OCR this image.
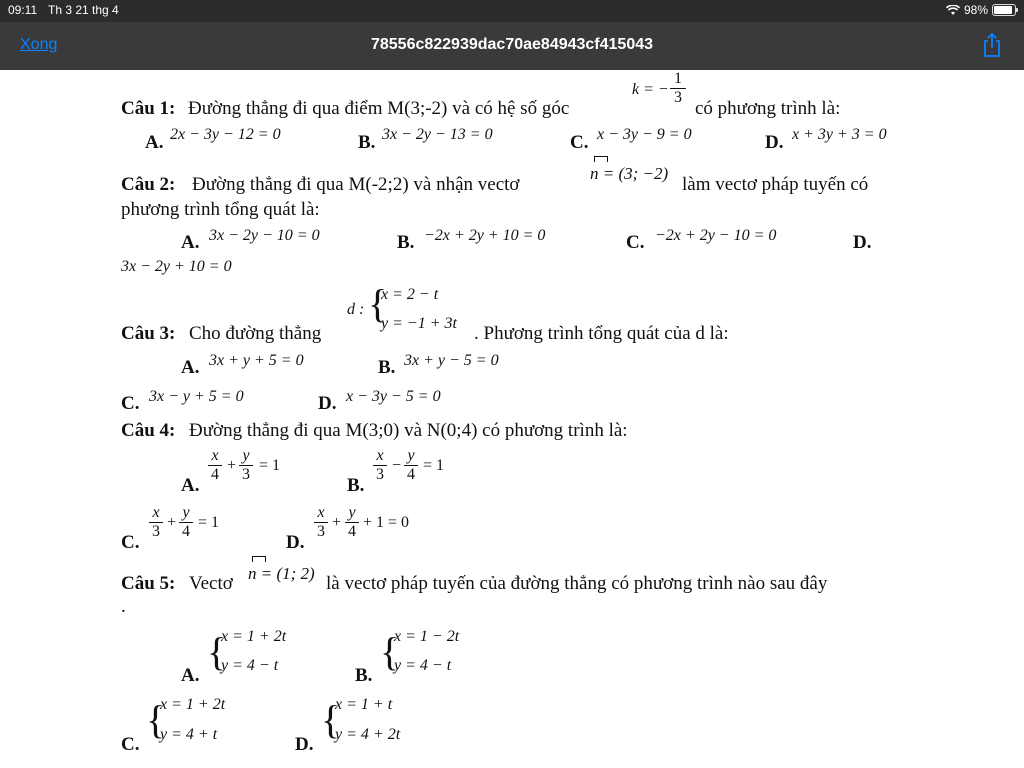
09:11 Th 3 21 thg 4	98%
Xong	78556c822939dac70ae84943cf415043
Câu 1: Đường thẳng đi qua điểm M(3;-2) và có hệ số góc
k = − $\frac{1}{3}$
có phương trình là:
A. 2x − 3y − 12 = 0	B. 3x − 2y − 13 = 0	C. x − 3y − 9 = 0	D. x + 3y + 3 = 0
Câu 2: Đường thẳng đi qua M(-2;2) và nhận vectơ
n = (3; −2)
làm vectơ pháp tuyến có
phương trình tổng quát là:
A. 3x − 2y − 10 = 0	B. −2x + 2y + 10 = 0	C. −2x + 2y − 10 = 0	D.
3x − 2y + 10 = 0
d : {
x = 2 − t
y = −1 + 3t
Câu 3: Cho đường thẳng	. Phương trình tổng quát của d là:
A. 3x + y + 5 = 0	B. 3x + y − 5 = 0
C. 3x − y + 5 = 0	D. x − 3y − 5 = 0
Câu 4: Đường thẳng đi qua M(3;0) và N(0;4) có phương trình là:
A.
$\frac{x}{4} + \frac{y}{3} = 1$
B.
$\frac{x}{3} - \frac{y}{4} = 1$
C.
$\frac{x}{3} + \frac{y}{4} = 1$
D.
$\frac{x}{3} + \frac{y}{4} + 1 = 0$
Câu 5: Vectơ n = (1; 2) là vectơ pháp tuyến của đường thẳng có phương trình nào sau đây
.
A.
{
x = 1 + 2t
y = 4 − t	B.
{
x = 1 − 2t
y = 4 − t
C.
{
x = 1 + 2t
y = 4 + t	D.
{
x = 1 + t
y = 4 + 2t
